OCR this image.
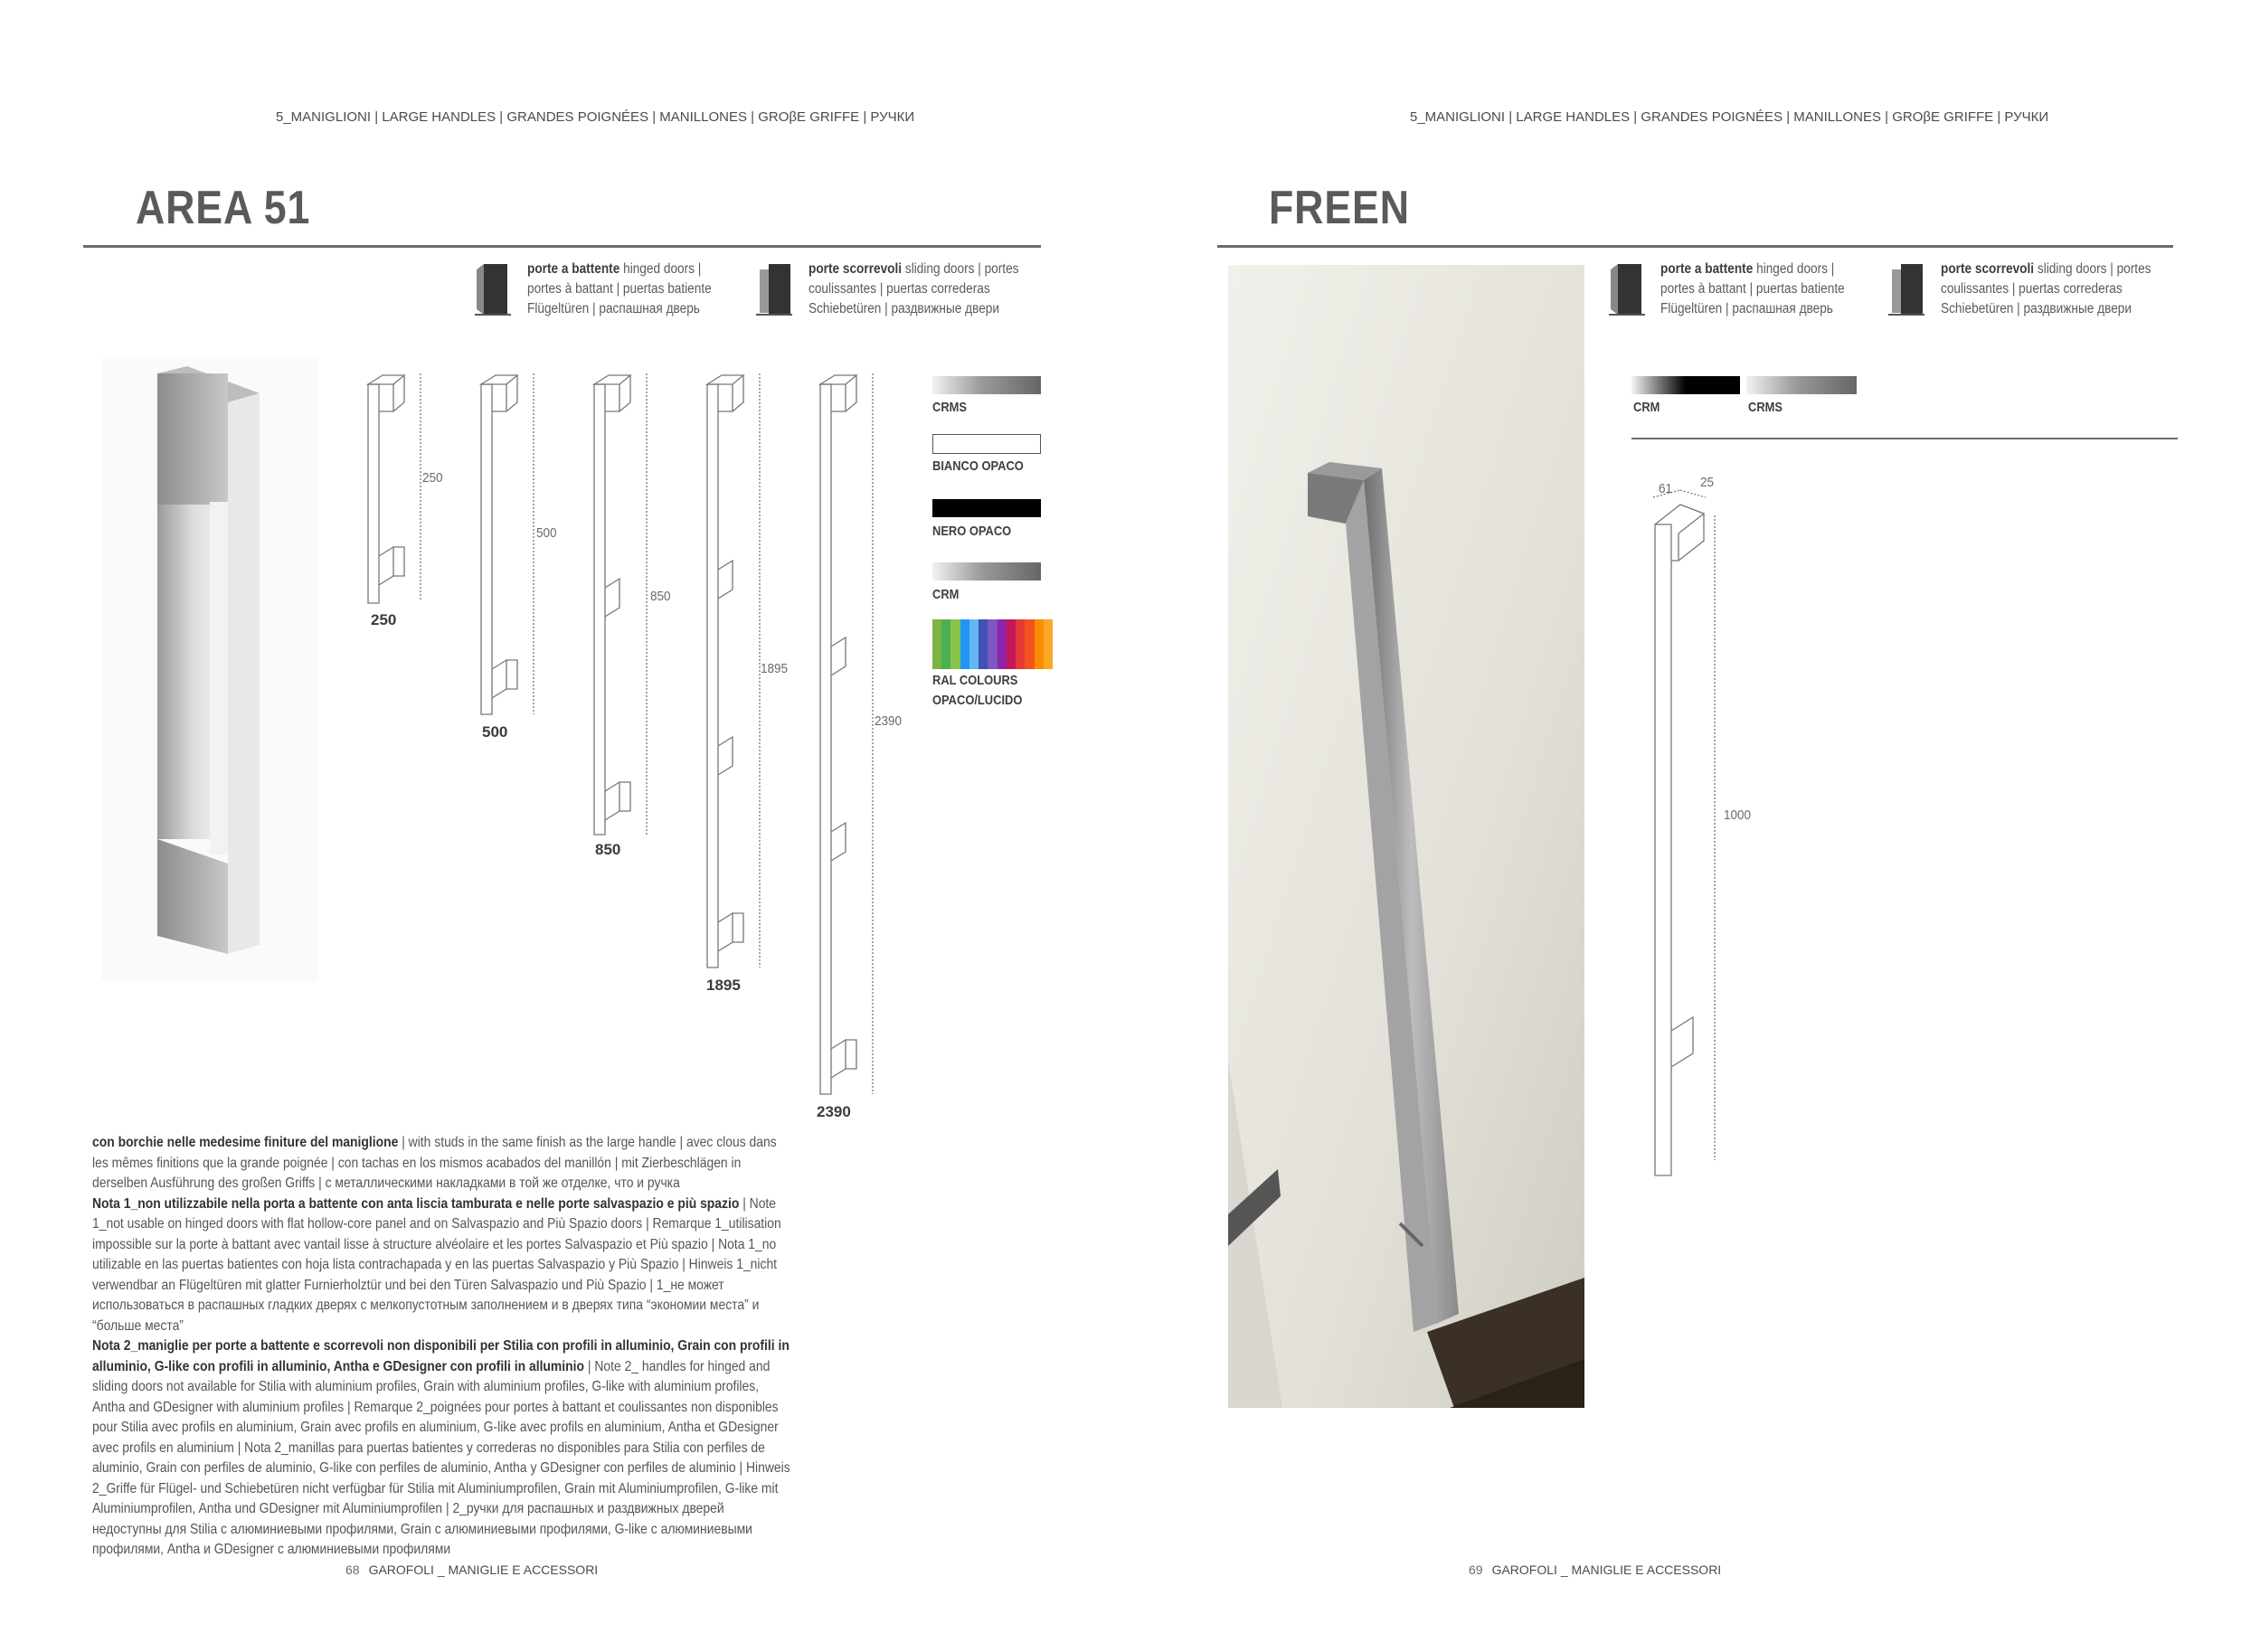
5_MANIGLIONI | LARGE HANDLES | GRANDES POIGNÉES | MANILLONES | GROβE GRIFFE | РУЧКИ
AREA 51
porte a battente hinged doors | portes à battant | puertas batiente Flügeltüren | распашная дверь
porte scorrevoli sliding doors | portes coulissantes | puertas correderas Schiebetüren | раздвижные двери
250
500
850
1895
2390
250
500
850
1895
2390
CRMS
BIANCO OPACO
NERO OPACO
CRM
RAL COLOURS OPACO/LUCIDO
con borchie nelle medesime finiture del maniglione | with studs in the same finish as the large handle | avec clous dans les mêmes finitions que la grande poignée | con tachas en los mismos acabados del manillón | mit Zierbeschlägen in derselben Ausführung des großen Griffs | с металлическими накладками в той же отделке, что и ручка
Nota 1_non utilizzabile nella porta a battente con anta liscia tamburata e nelle porte salvaspazio e più spazio | Note 1_not usable on hinged doors with flat hollow-core panel and on Salvaspazio and Più Spazio doors | Remarque 1_utilisation impossible sur la porte à battant avec vantail lisse à structure alvéolaire et les portes Salvaspazio et Più spazio | Nota 1_no utilizable en las puertas batientes con hoja lista contrachapada y en las puertas Salvaspazio y Più Spazio | Hinweis 1_nicht verwendbar an Flügeltüren mit glatter Furnierholztür und bei den Türen Salvaspazio und Più Spazio | 1_не может использоваться в распашных гладких дверях с мелкопустотным заполнением и в дверях типа “экономии места” и “больше места”
Nota 2_maniglie per porte a battente e scorrevoli non disponibili per Stilia con profili in alluminio, Grain con profili in alluminio, G-like con profili in alluminio, Antha e GDesigner con profili in alluminio | Note 2_ handles for hinged and sliding doors not available for Stilia with aluminium profiles, Grain with aluminium profiles, G-like with aluminium profiles, Antha and GDesigner with aluminium profiles | Remarque 2_poignées pour portes à battant et coulissantes non disponibles pour Stilia avec profils en aluminium, Grain avec profils en aluminium, G-like avec profils en aluminium, Antha et GDesigner avec profils en aluminium | Nota 2_manillas para puertas batientes y correderas no disponibles para Stilia con perfiles de aluminio, Grain con perfiles de aluminio, G-like con perfiles de aluminio, Antha y GDesigner con perfiles de aluminio | Hinweis 2_Griffe für Flügel- und Schiebetüren nicht verfügbar für Stilia mit Aluminiumprofilen, Grain mit Aluminiumprofilen, G-like mit Aluminiumprofilen, Antha und GDesigner mit Aluminiumprofilen | 2_ручки для распашных и раздвижных дверей недоступны для Stilia с алюминиевыми профилями, Grain с алюминиевыми профилями, G-like с алюминиевыми профилями, Antha и GDesigner с алюминиевыми профилями
68 GAROFOLI _ MANIGLIE E ACCESSORI
5_MANIGLIONI | LARGE HANDLES | GRANDES POIGNÉES | MANILLONES | GROβE GRIFFE | РУЧКИ
FREEN
porte a battente hinged doors | portes à battant | puertas batiente Flügeltüren | распашная дверь
porte scorrevoli sliding doors | portes coulissantes | puertas correderas Schiebetüren | раздвижные двери
CRM	CRMS
61 25
1000
69 GAROFOLI _ MANIGLIE E ACCESSORI
